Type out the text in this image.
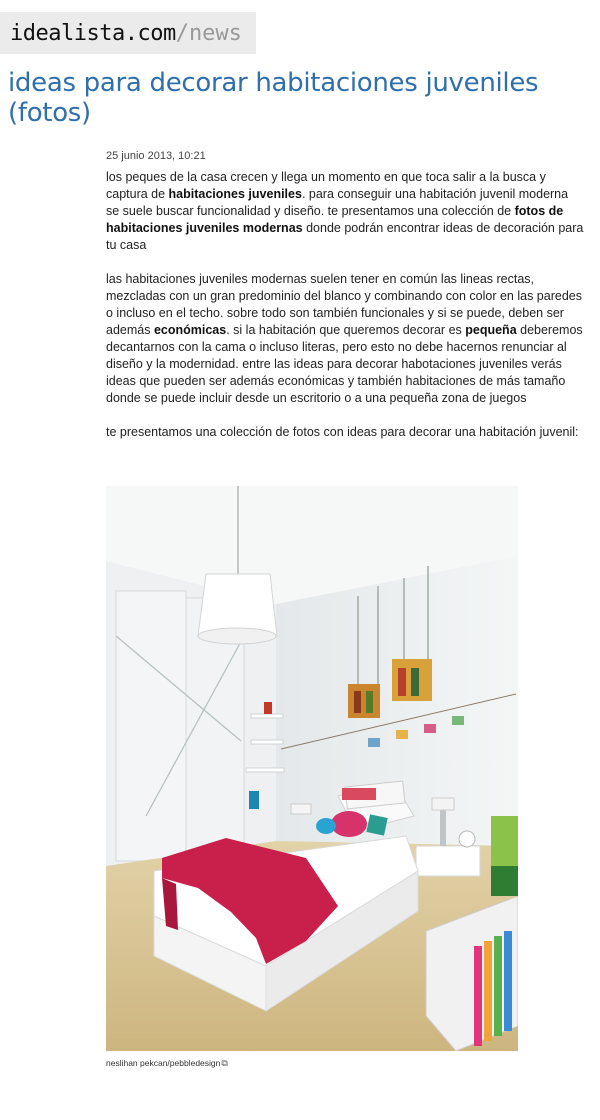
idealista.com / news
ideas para decorar habitaciones juveniles (fotos)

25 junio 2013, 10:21

los peques de la casa crecen y llega un momento en que toca salir a la busca y captura de habitaciones juveniles. para conseguir una habitación juvenil moderna se suele buscar funcionalidad y diseño. te presentamos una colección de fotos de habitaciones juveniles modernas donde podrán encontrar ideas de decoración para tu casa

las habitaciones juveniles modernas suelen tener en común las lineas rectas, mezcladas con un gran predominio del blanco y combinando con color en las paredes o incluso en el techo. sobre todo son también funcionales y si se puede, deben ser además económicas. si la habitación que queremos decorar es pequeña deberemos decantarnos con la cama o incluso literas, pero esto no debe hacernos renunciar al diseño y la modernidad. entre las ideas para decorar habotaciones juveniles verás ideas que pueden ser además económicas y también habitaciones de más tamaño donde se puede incluir desde un escritorio o a una pequeña zona de juegos

te presentamos una colección de fotos con ideas para decorar una habitación juvenil:

neslihan pekcan/pebbledesign⧉
